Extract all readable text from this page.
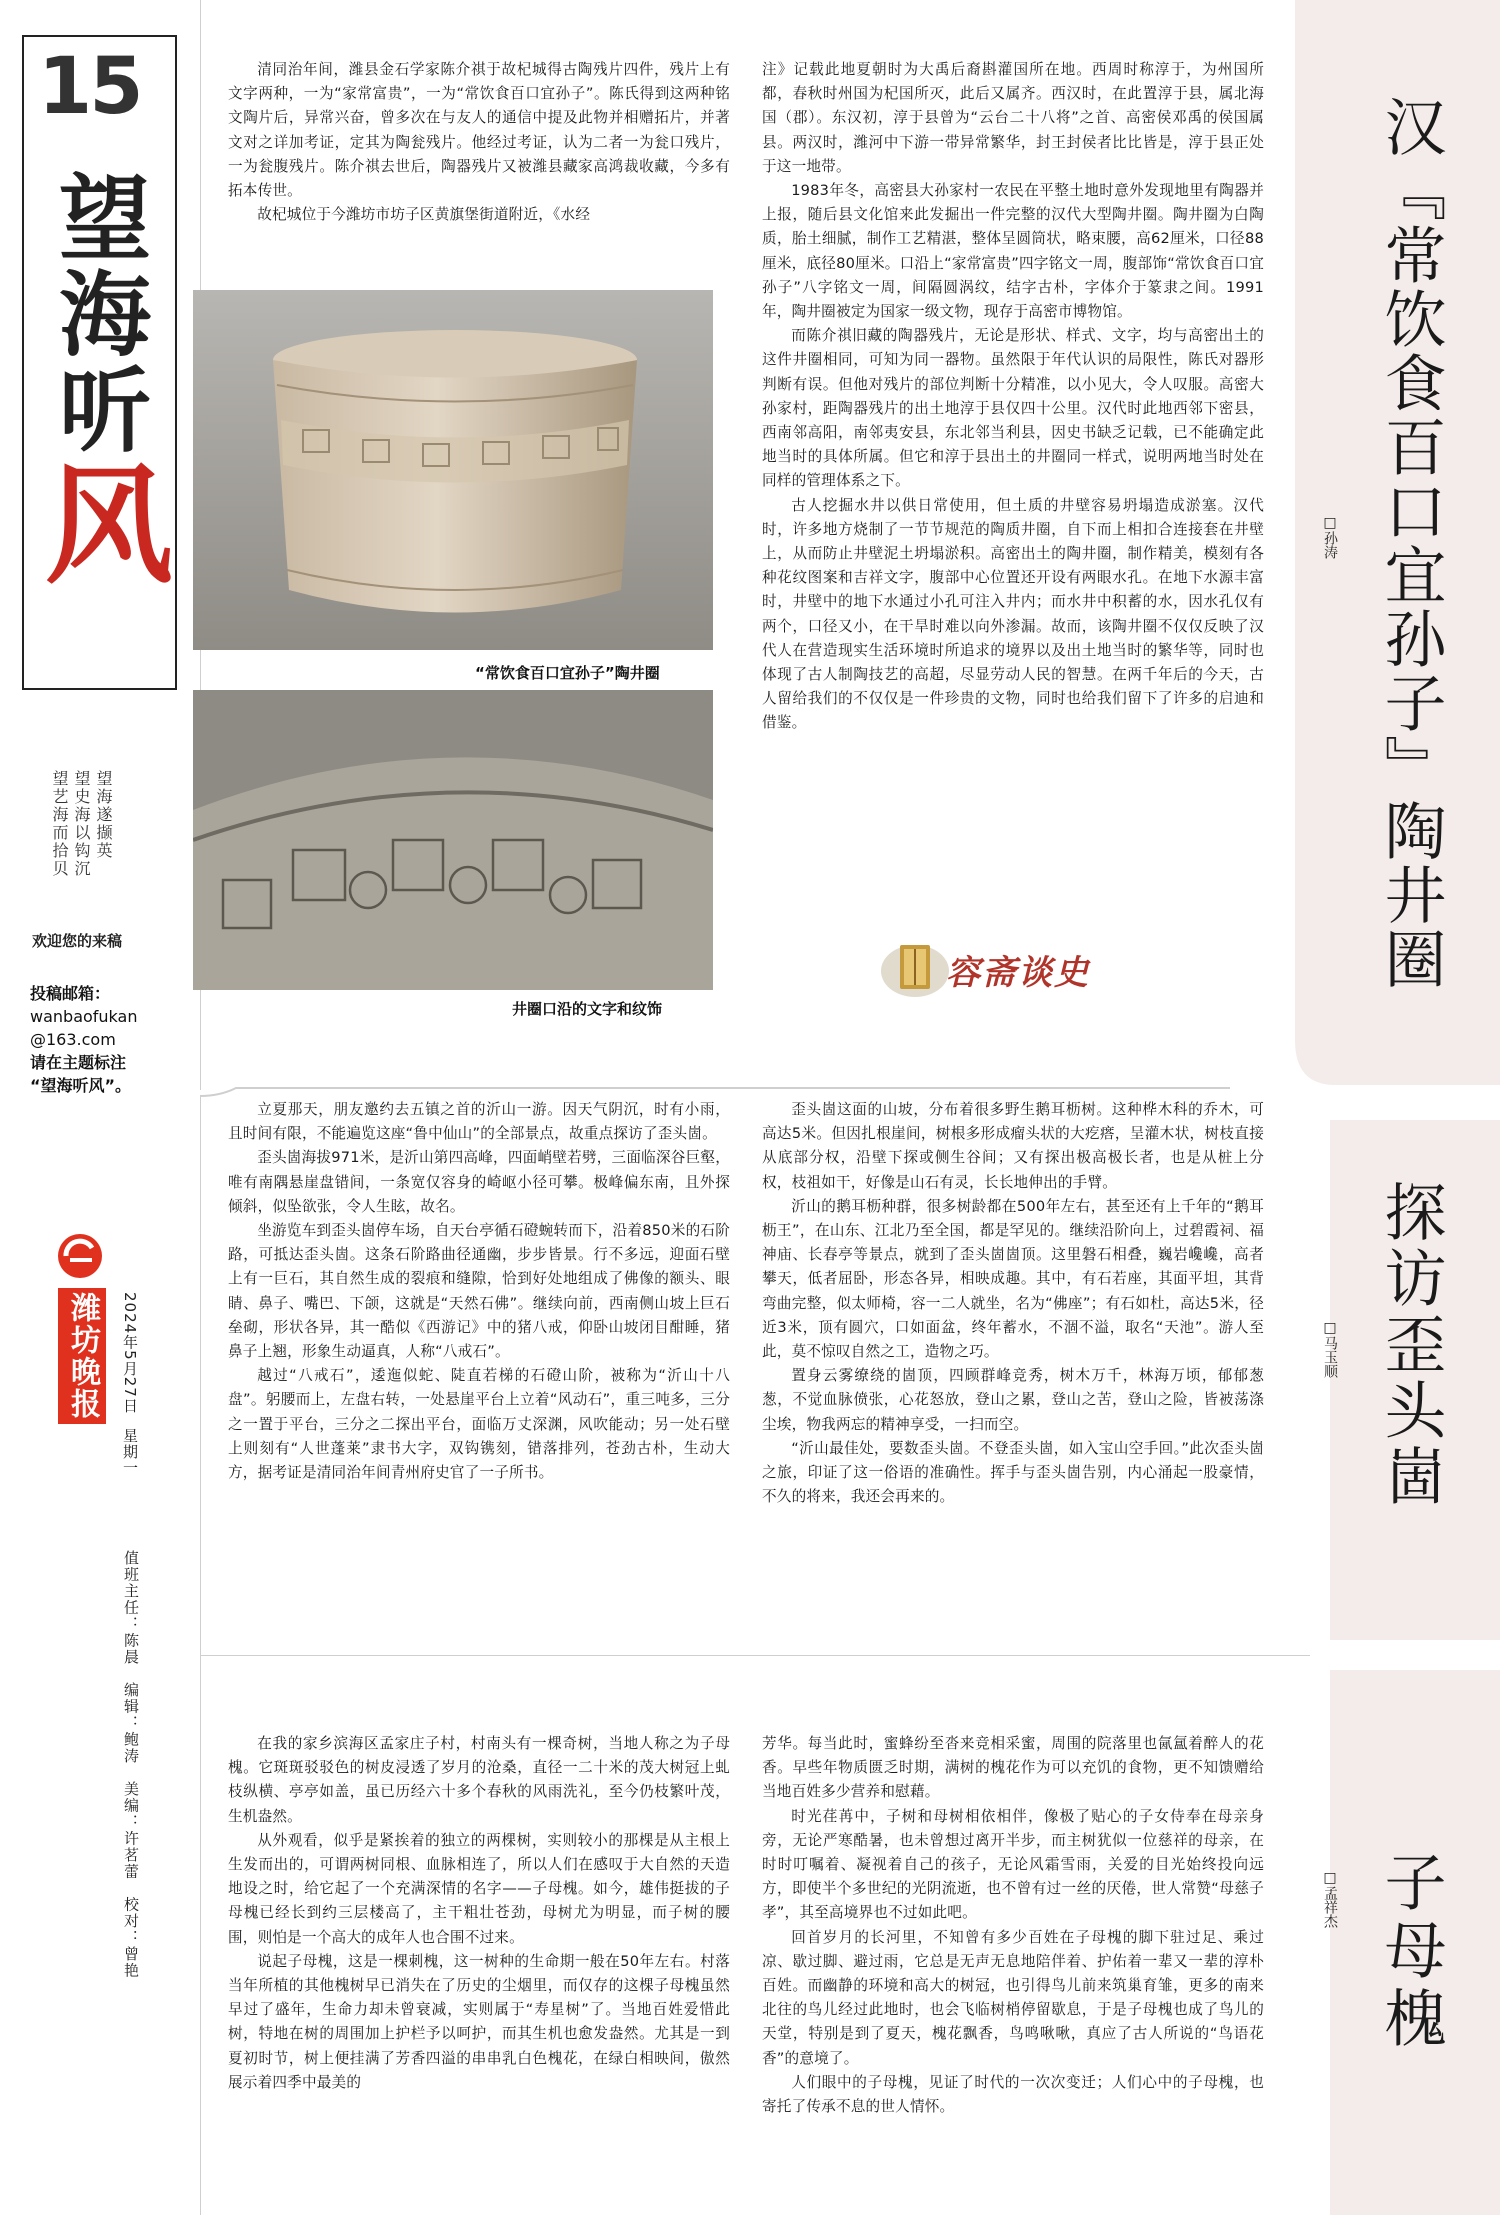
15
望海听风
望海遂撷英
望史海以钩沉
望艺海而拾贝
欢迎您的来稿
投稿邮箱：
wanbaofukan
@163.com
请在主题标注
“望海听风”。
潍坊晚报	2024年5月27日星期一
值班主任：陈晨　编辑：鲍涛　美编：许茗蕾　校对：曾艳
汉『常饮食百口宜孙子』陶井圈
□孙涛

清同治年间，潍县金石学家陈介祺于故杞城得古陶残片四件，残片上有文字两种，一为“家常富贵”，一为“常饮食百口宜孙子”。陈氏得到这两种铭文陶片后，异常兴奋，曾多次在与友人的通信中提及此物并相赠拓片，并著文对之详加考证，定其为陶瓮残片。他经过考证，认为二者一为瓮口残片，一为瓮腹残片。陈介祺去世后，陶器残片又被潍县藏家高鸿裁收藏，今多有拓本传世。

故杞城位于今潍坊市坊子区黄旗堡街道附近，《水经

“常饮食百口宜孙子”陶井圈
井圈口沿的文字和纹饰

注》记载此地夏朝时为大禹后裔斟灌国所在地。西周时称淳于，为州国所都，春秋时州国为杞国所灭，此后又属齐。西汉时，在此置淳于县，属北海国（郡）。东汉初，淳于县曾为“云台二十八将”之首、高密侯邓禹的侯国属县。两汉时，潍河中下游一带异常繁华，封王封侯者比比皆是，淳于县正处于这一地带。

1983年冬，高密县大孙家村一农民在平整土地时意外发现地里有陶器并上报，随后县文化馆来此发掘出一件完整的汉代大型陶井圈。陶井圈为白陶质，胎土细腻，制作工艺精湛，整体呈圆筒状，略束腰，高62厘米，口径88厘米，底径80厘米。口沿上“家常富贵”四字铭文一周，腹部饰“常饮食百口宜孙子”八字铭文一周，间隔圆涡纹，结字古朴，字体介于篆隶之间。1991年，陶井圈被定为国家一级文物，现存于高密市博物馆。

而陈介祺旧藏的陶器残片，无论是形状、样式、文字，均与高密出土的这件井圈相同，可知为同一器物。虽然限于年代认识的局限性，陈氏对器形判断有误。但他对残片的部位判断十分精准，以小见大，令人叹服。高密大孙家村，距陶器残片的出土地淳于县仅四十公里。汉代时此地西邻下密县，西南邻高阳，南邻夷安县，东北邻当利县，因史书缺乏记载，已不能确定此地当时的具体所属。但它和淳于县出土的井圈同一样式，说明两地当时处在同样的管理体系之下。

古人挖掘水井以供日常使用，但土质的井壁容易坍塌造成淤塞。汉代时，许多地方烧制了一节节规范的陶质井圈，自下而上相扣合连接套在井壁上，从而防止井壁泥土坍塌淤积。高密出土的陶井圈，制作精美，模刻有各种花纹图案和吉祥文字，腹部中心位置还开设有两眼水孔。在地下水源丰富时，井壁中的地下水通过小孔可注入井内；而水井中积蓄的水，因水孔仅有两个，口径又小，在干旱时难以向外渗漏。故而，该陶井圈不仅仅反映了汉代人在营造现实生活环境时所追求的境界以及出土地当时的繁华等，同时也体现了古人制陶技艺的高超，尽显劳动人民的智慧。在两千年后的今天，古人留给我们的不仅仅是一件珍贵的文物，同时也给我们留下了许多的启迪和借鉴。

容斋谈史
探访歪头崮
□马玉顺

立夏那天，朋友邀约去五镇之首的沂山一游。因天气阴沉，时有小雨，且时间有限，不能遍览这座“鲁中仙山”的全部景点，故重点探访了歪头崮。

歪头崮海拔971米，是沂山第四高峰，四面峭壁若劈，三面临深谷巨壑，唯有南隅悬崖盘错间，一条宽仅容身的崎岖小径可攀。极峰偏东南，且外探倾斜，似坠欲张，令人生眩，故名。

坐游览车到歪头崮停车场，自天台亭循石磴蜿转而下，沿着850米的石阶路，可抵达歪头崮。这条石阶路曲径通幽，步步皆景。行不多远，迎面石壁上有一巨石，其自然生成的裂痕和缝隙，恰到好处地组成了佛像的额头、眼睛、鼻子、嘴巴、下颌，这就是“天然石佛”。继续向前，西南侧山坡上巨石垒砌，形状各异，其一酷似《西游记》中的猪八戒，仰卧山坡闭目酣睡，猪鼻子上翘，形象生动逼真，人称“八戒石”。

越过“八戒石”，逶迤似蛇、陡直若梯的石磴山阶，被称为“沂山十八盘”。躬腰而上，左盘右转，一处悬崖平台上立着“风动石”，重三吨多，三分之一置于平台，三分之二探出平台，面临万丈深渊，风吹能动；另一处石壁上则刻有“人世蓬莱”隶书大字，双钩镌刻，错落排列，苍劲古朴，生动大方，据考证是清同治年间青州府史官了一子所书。

歪头崮这面的山坡，分布着很多野生鹅耳枥树。这种桦木科的乔木，可高达5米。但因扎根崖间，树根多形成瘤头状的大疙瘩，呈灌木状，树枝直接从底部分权，沿壁下探或侧生谷间；又有探出极高极长者，也是从桩上分权，枝祖如干，好像是山石有灵，长长地伸出的手臂。

沂山的鹅耳枥种群，很多树龄都在500年左右，甚至还有上千年的“鹅耳枥王”，在山东、江北乃至全国，都是罕见的。继续沿阶向上，过碧霞祠、福神庙、长春亭等景点，就到了歪头崮崮顶。这里磐石相叠，巍岩巉巉，高者攀天，低者屈卧，形态各异，相映成趣。其中，有石若座，其面平坦，其背弯曲完整，似太师椅，容一二人就坐，名为“佛座”；有石如杜，高达5米，径近3米，顶有圆穴，口如面盆，终年蓄水，不涸不溢，取名“天池”。游人至此，莫不惊叹自然之工，造物之巧。

置身云雾缭绕的崮顶，四顾群峰竞秀，树木万千，林海万顷，郁郁葱葱，不觉血脉偾张，心花怒放，登山之累，登山之苦，登山之险，皆被荡涤尘埃，物我两忘的精神享受，一扫而空。

“沂山最佳处，要数歪头崮。不登歪头崮，如入宝山空手回。”此次歪头崮之旅，印证了这一俗语的准确性。挥手与歪头崮告别，内心涌起一股豪情，不久的将来，我还会再来的。

子母槐
□孟祥杰

在我的家乡滨海区孟家庄子村，村南头有一棵奇树，当地人称之为子母槐。它斑斑驳驳色的树皮浸透了岁月的沧桑，直径一二十米的茂大树冠上虬枝纵横、亭亭如盖，虽已历经六十多个春秋的风雨洗礼，至今仍枝繁叶茂，生机盎然。

从外观看，似乎是紧挨着的独立的两棵树，实则较小的那棵是从主根上生发而出的，可谓两树同根、血脉相连了，所以人们在感叹于大自然的天造地设之时，给它起了一个充满深情的名字——子母槐。如今，雄伟挺拔的子母槐已经长到约三层楼高了，主干粗壮苍劲，母树尤为明显，而子树的腰围，则怕是一个高大的成年人也合围不过来。

说起子母槐，这是一棵刺槐，这一树种的生命期一般在50年左右。村落当年所植的其他槐树早已消失在了历史的尘烟里，而仅存的这棵子母槐虽然早过了盛年，生命力却未曾衰减，实则属于“寿星树”了。当地百姓爱惜此树，特地在树的周围加上护栏予以呵护，而其生机也愈发盎然。尤其是一到夏初时节，树上便挂满了芳香四溢的串串乳白色槐花，在绿白相映间，傲然展示着四季中最美的

芳华。每当此时，蜜蜂纷至沓来竞相采蜜，周围的院落里也氤氲着醉人的花香。早些年物质匮乏时期，满树的槐花作为可以充饥的食物，更不知馈赠给当地百姓多少营养和慰藉。

时光荏苒中，子树和母树相依相伴，像极了贴心的子女侍奉在母亲身旁，无论严寒酷暑，也未曾想过离开半步，而主树犹似一位慈祥的母亲，在时时叮嘱着、凝视着自己的孩子，无论风霜雪雨，关爱的目光始终投向远方，即使半个多世纪的光阴流逝，也不曾有过一丝的厌倦，世人常赞“母慈子孝”，其至高境界也不过如此吧。

回首岁月的长河里，不知曾有多少百姓在子母槐的脚下驻过足、乘过凉、歇过脚、避过雨，它总是无声无息地陪伴着、护佑着一辈又一辈的淳朴百姓。而幽静的环境和高大的树冠，也引得鸟儿前来筑巢育雏，更多的南来北往的鸟儿经过此地时，也会飞临树梢停留歇息，于是子母槐也成了鸟儿的天堂，特别是到了夏天，槐花飘香，鸟鸣啾啾，真应了古人所说的“鸟语花香”的意境了。

人们眼中的子母槐，见证了时代的一次次变迁；人们心中的子母槐，也寄托了传承不息的世人情怀。
